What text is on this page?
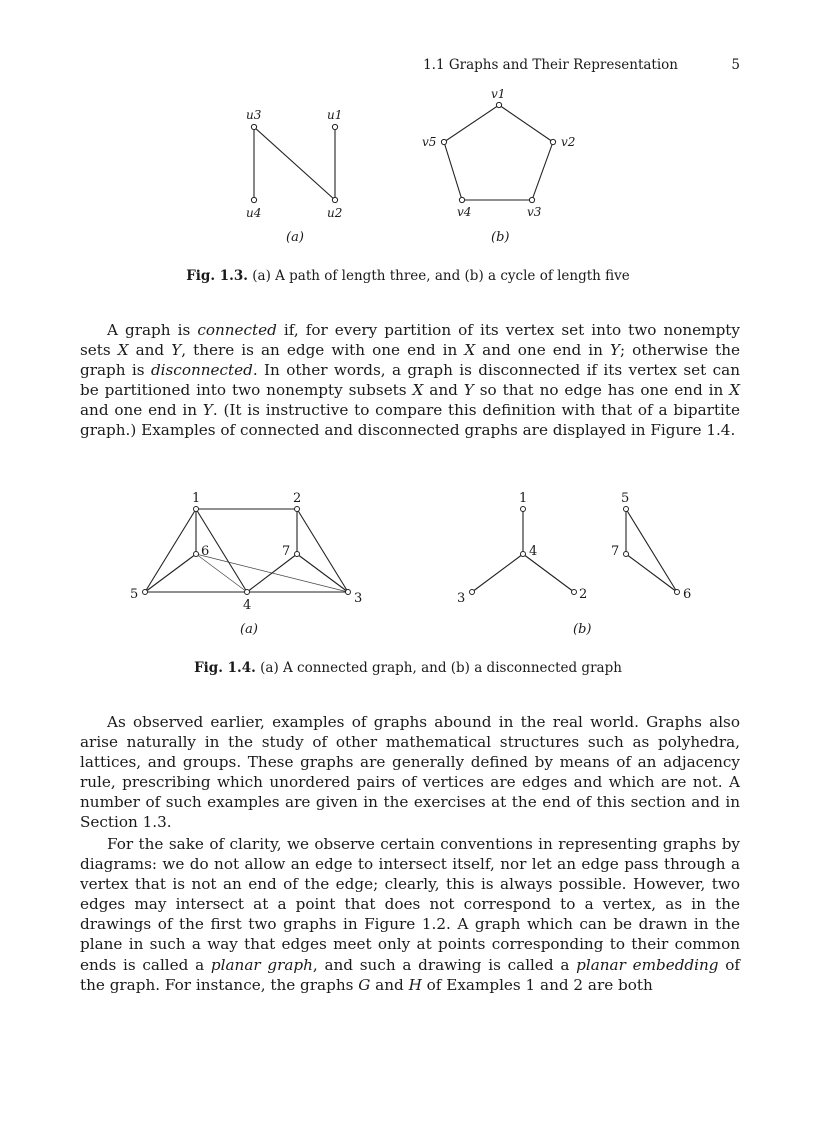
1.1 Graphs and Their Representation	5
u3	u1
u4	u2
(a)
v1
v2
v3
v4
v5
(b)
Fig. 1.3. (a) A path of length three, and (b) a cycle of length five

A graph is connected if, for every partition of its vertex set into two nonempty sets X and Y, there is an edge with one end in X and one end in Y; otherwise the graph is disconnected. In other words, a graph is disconnected if its vertex set can be partitioned into two nonempty subsets X and Y so that no edge has one end in X and one end in Y. (It is instructive to compare this definition with that of a bipartite graph.) Examples of connected and disconnected graphs are displayed in Figure 1.4.

1	2
6	7
5
4	3
(a)
1
4
3	2
5
7
6
(b)
Fig. 1.4. (a) A connected graph, and (b) a disconnected graph

As observed earlier, examples of graphs abound in the real world. Graphs also arise naturally in the study of other mathematical structures such as polyhedra, lattices, and groups. These graphs are generally defined by means of an adjacency rule, prescribing which unordered pairs of vertices are edges and which are not. A number of such examples are given in the exercises at the end of this section and in Section 1.3.

For the sake of clarity, we observe certain conventions in representing graphs by diagrams: we do not allow an edge to intersect itself, nor let an edge pass through a vertex that is not an end of the edge; clearly, this is always possible. However, two edges may intersect at a point that does not correspond to a vertex, as in the drawings of the first two graphs in Figure 1.2. A graph which can be drawn in the plane in such a way that edges meet only at points corresponding to their common ends is called a planar graph, and such a drawing is called a planar embedding of the graph. For instance, the graphs G and H of Examples 1 and 2 are both
